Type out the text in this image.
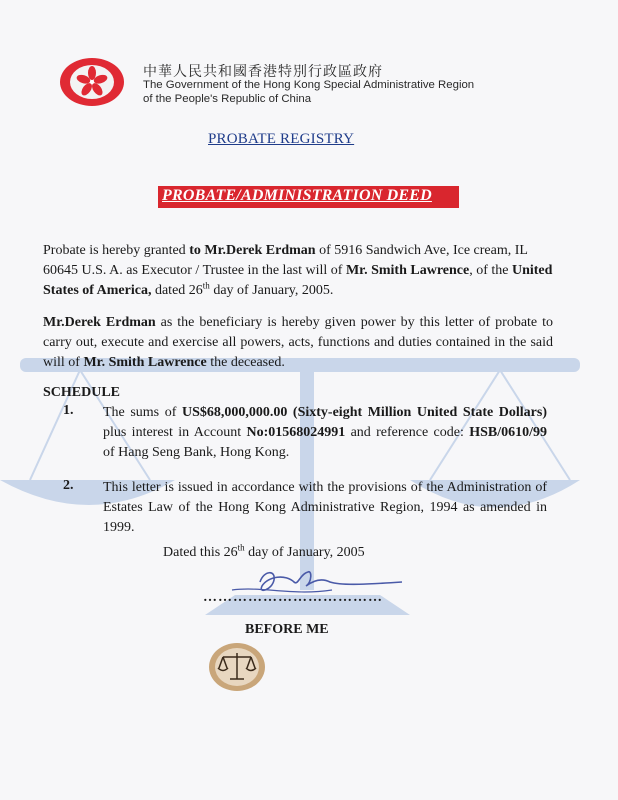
中華人民共和國香港特別行政區政府
The Government of the Hong Kong Special Administrative Region
of the People's Republic of China
PROBATE REGISTRY
PROBATE/ADMINISTRATION DEED
Probate is hereby granted to Mr.Derek Erdman of 5916 Sandwich Ave, Ice cream, IL 60645 U.S. A. as Executor / Trustee in the last will of Mr. Smith Lawrence, of the United States of America, dated 26th day of January, 2005.
Mr.Derek Erdman as the beneficiary is hereby given power by this letter of probate to carry out, execute and exercise all powers, acts, functions and duties contained in the said will of Mr. Smith Lawrence the deceased.
SCHEDULE
1. The sums of US$68,000,000.00 (Sixty-eight Million United State Dollars) plus interest in Account No:01568024991 and reference code: HSB/0610/99 of Hang Seng Bank, Hong Kong.
2. This letter is issued in accordance with the provisions of the Administration of Estates Law of the Hong Kong Administrative Region, 1994 as amended in 1999.
Dated this 26th day of January, 2005
………………………………
BEFORE ME
